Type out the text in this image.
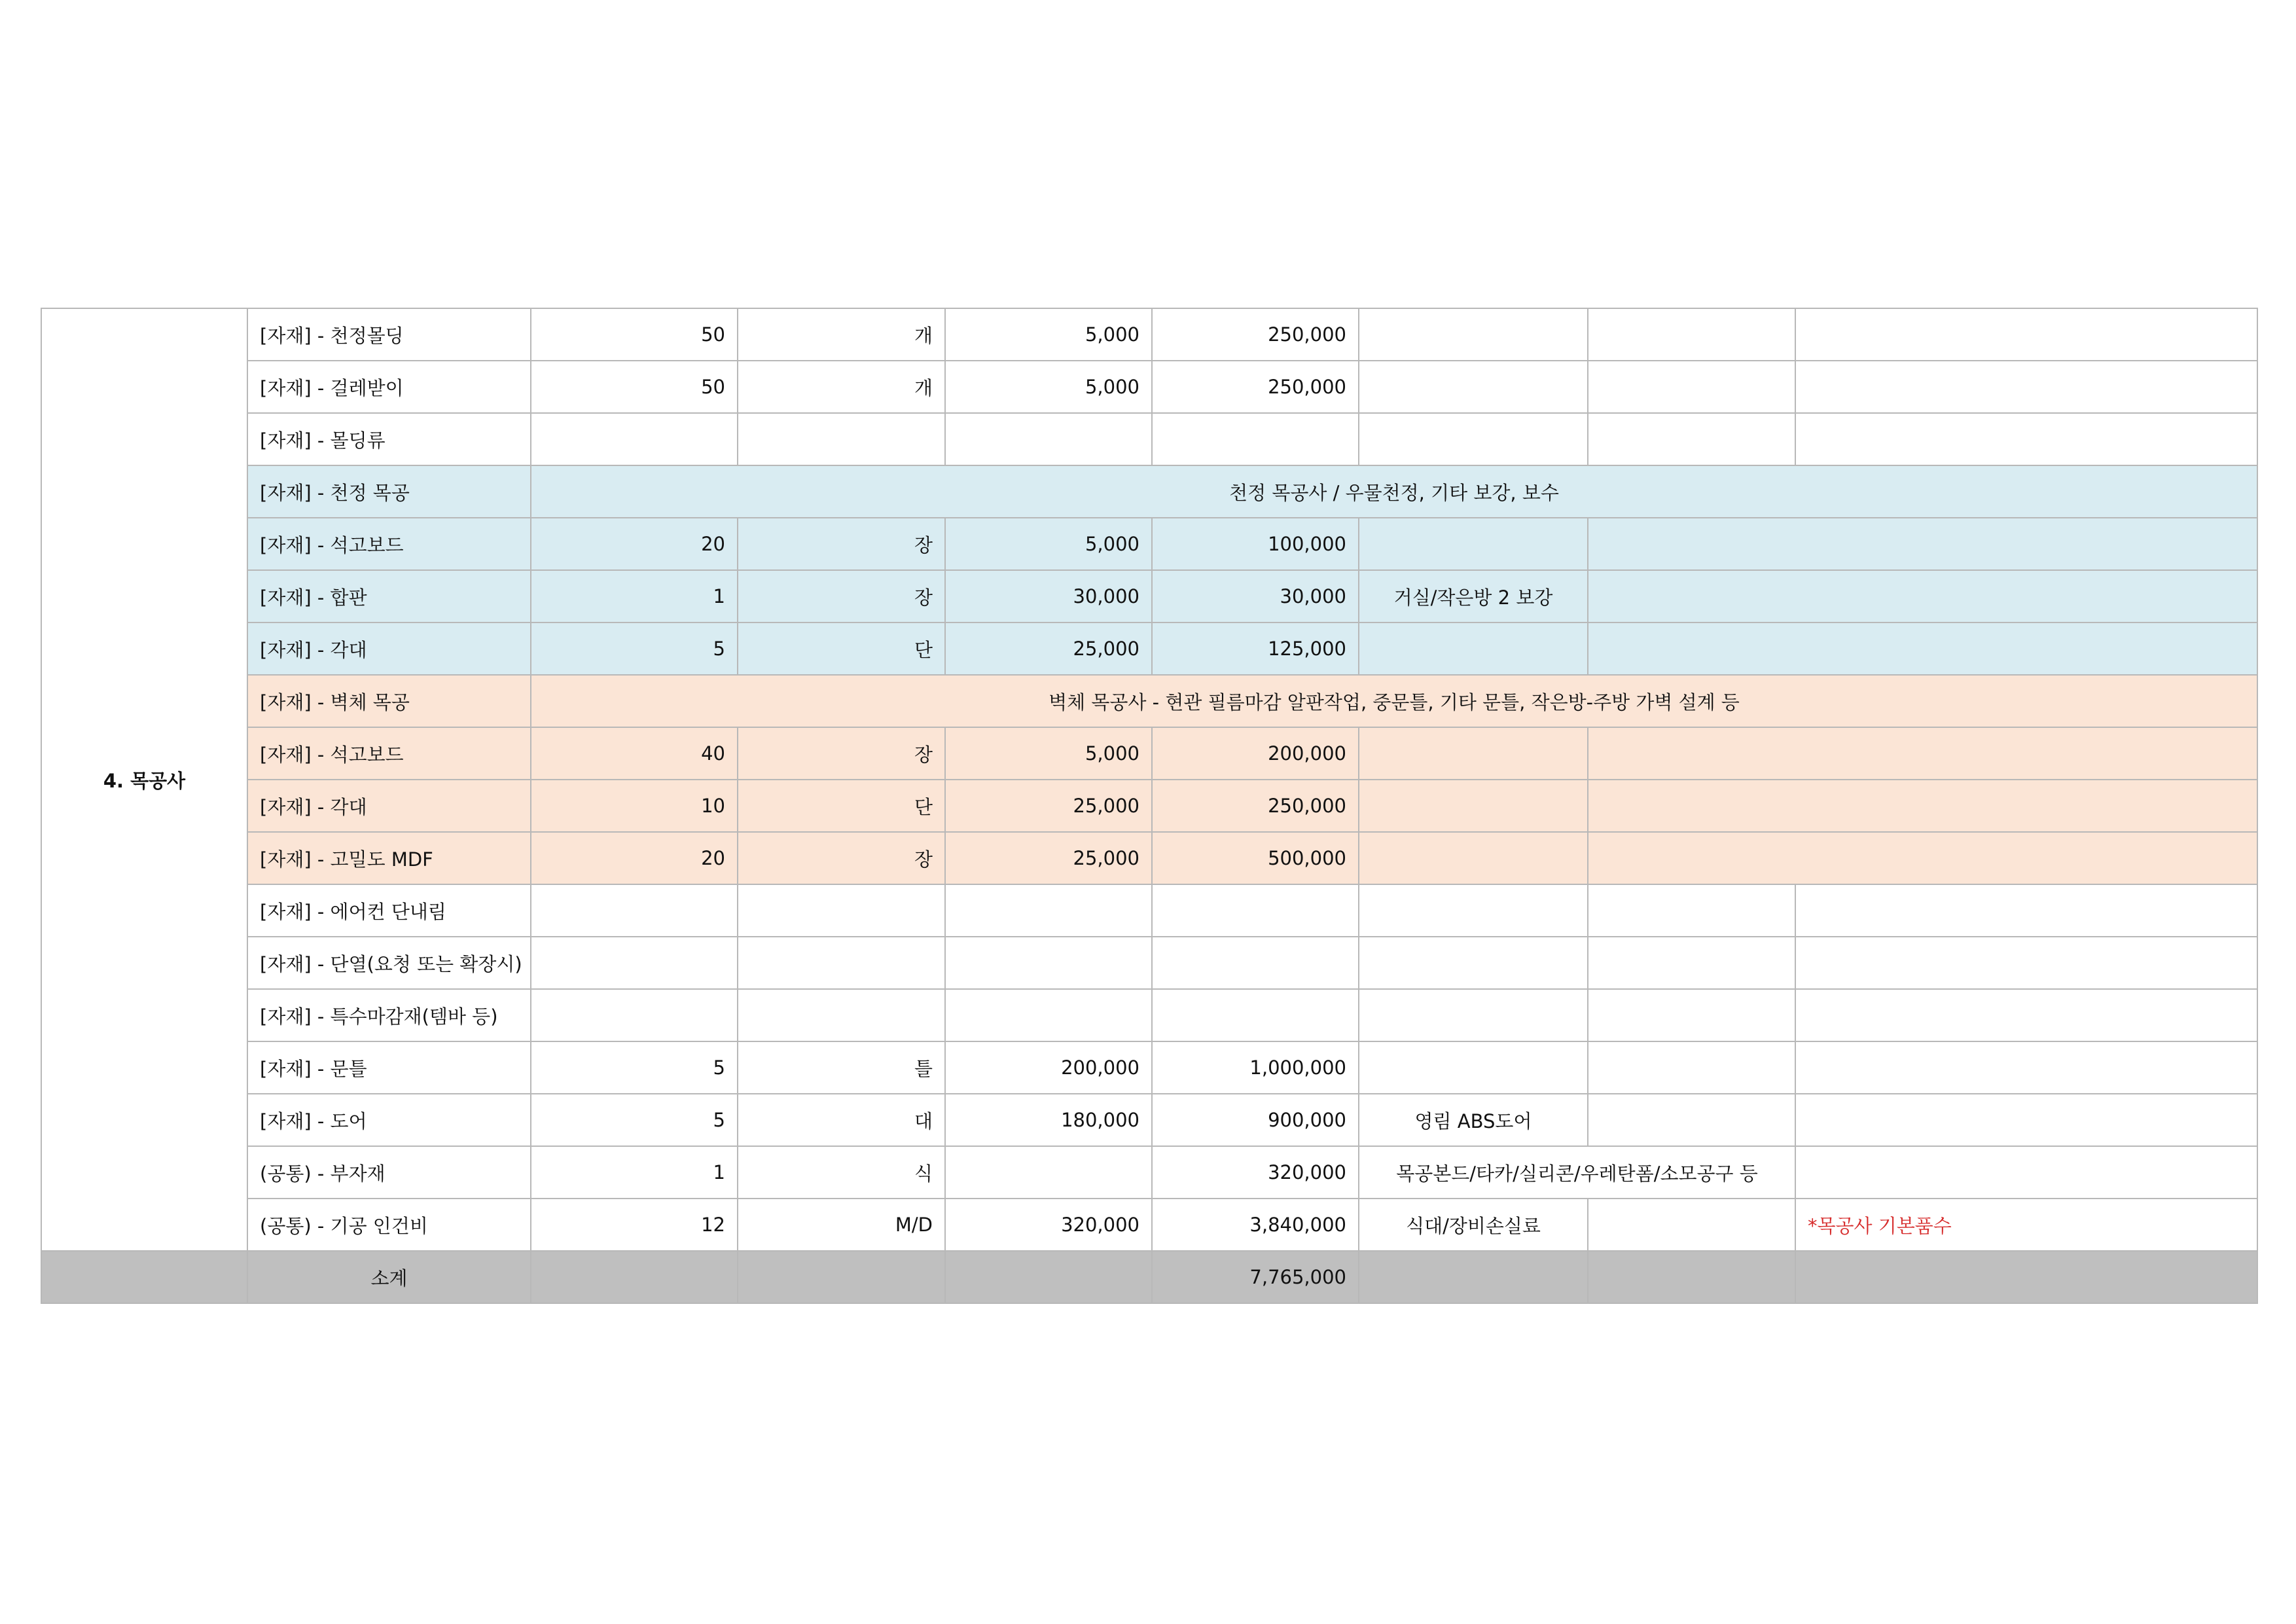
4. 목공사	[자재] - 천정몰딩	50	개	5,000	250,000			
	[자재] - 걸레받이	50	개	5,000	250,000			
	[자재] - 몰딩류							
	[자재] - 천정 목공	천정 목공사 / 우물천정, 기타 보강, 보수						
	[자재] - 석고보드	20	장	5,000	100,000			
	[자재] - 합판	1	장	30,000	30,000	거실/작은방 2 보강		
	[자재] - 각대	5	단	25,000	125,000			
	[자재] - 벽체 목공	벽체 목공사 - 현관 필름마감 알판작업, 중문틀, 기타 문틀, 작은방-주방 가벽 설계 등						
	[자재] - 석고보드	40	장	5,000	200,000			
	[자재] - 각대	10	단	25,000	250,000			
	[자재] - 고밀도 MDF	20	장	25,000	500,000			
	[자재] - 에어컨 단내림							
	[자재] - 단열(요청 또는 확장시)							
	[자재] - 특수마감재(템바 등)							
	[자재] - 문틀	5	틀	200,000	1,000,000			
	[자재] - 도어	5	대	180,000	900,000	영림 ABS도어		
	(공통) - 부자재	1	식		320,000	목공본드/타카/실리콘/우레탄폼/소모공구 등		
	(공통) - 기공 인건비	12	M/D	320,000	3,840,000	식대/장비손실료		*목공사 기본품수
	소계				7,765,000			
